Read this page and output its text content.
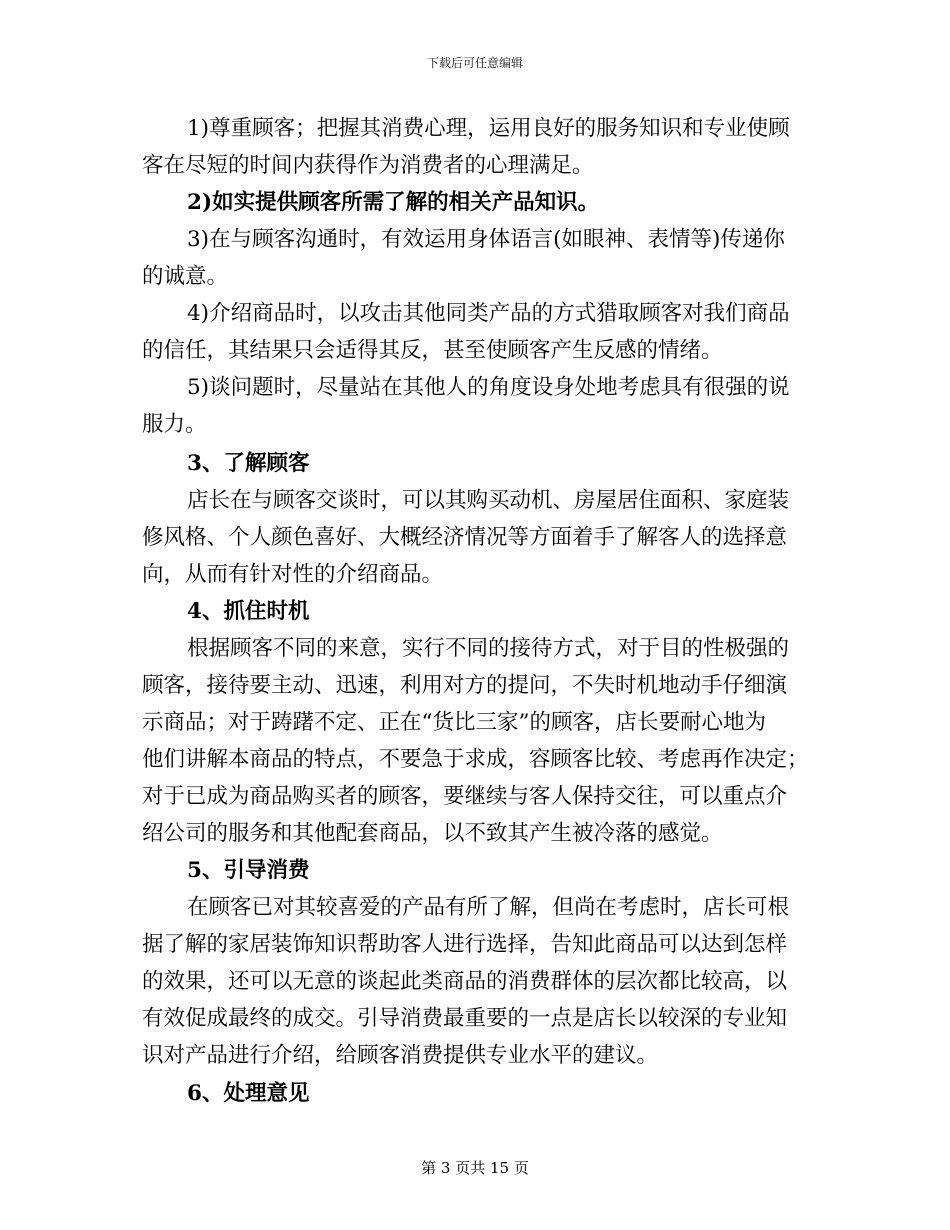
下载后可任意编辑
1)尊重顾客；把握其消费心理，运用良好的服务知识和专业使顾
客在尽短的时间内获得作为消费者的心理满足。
2)如实提供顾客所需了解的相关产品知识。
3)在与顾客沟通时，有效运用身体语言(如眼神、表情等)传递你
的诚意。
4)介绍商品时，以攻击其他同类产品的方式猎取顾客对我们商品
的信任，其结果只会适得其反，甚至使顾客产生反感的情绪。
5)谈问题时，尽量站在其他人的角度设身处地考虑具有很强的说
服力。
3、了解顾客
店长在与顾客交谈时，可以其购买动机、房屋居住面积、家庭装
修风格、个人颜色喜好、大概经济情况等方面着手了解客人的选择意
向，从而有针对性的介绍商品。
4、抓住时机
根据顾客不同的来意，实行不同的接待方式，对于目的性极强的
顾客，接待要主动、迅速，利用对方的提问，不失时机地动手仔细演
示商品；对于踌躇不定、正在“货比三家”的顾客，店长要耐心地为
他们讲解本商品的特点，不要急于求成，容顾客比较、考虑再作决定；
对于已成为商品购买者的顾客，要继续与客人保持交往，可以重点介
绍公司的服务和其他配套商品，以不致其产生被冷落的感觉。
5、引导消费
在顾客已对其较喜爱的产品有所了解，但尚在考虑时，店长可根
据了解的家居装饰知识帮助客人进行选择，告知此商品可以达到怎样
的效果，还可以无意的谈起此类商品的消费群体的层次都比较高，以
有效促成最终的成交。引导消费最重要的一点是店长以较深的专业知
识对产品进行介绍，给顾客消费提供专业水平的建议。
6、处理意见
第 3 页共 15 页
